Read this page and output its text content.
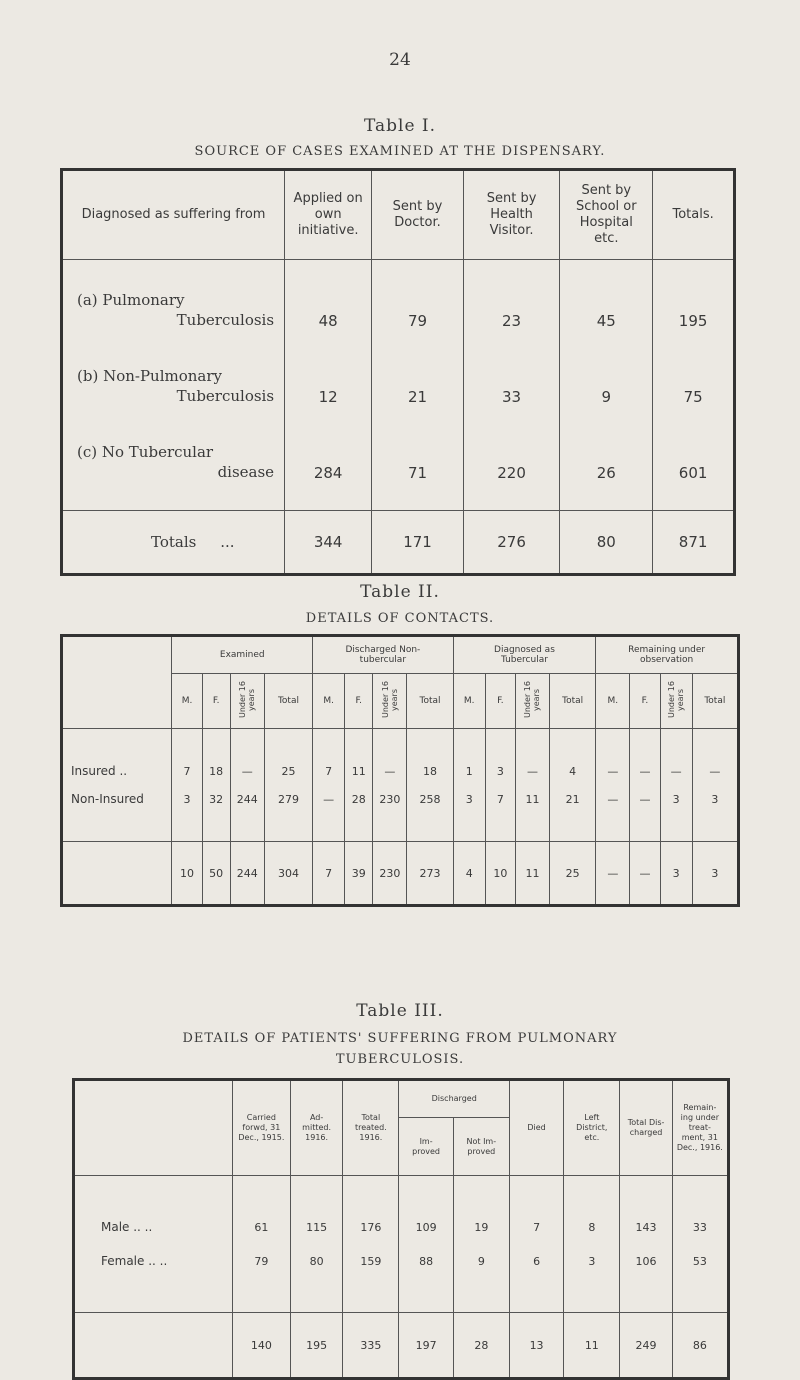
24
Table I.
SOURCE OF CASES EXAMINED AT THE DISPENSARY.
Diagnosed as suffering from	Applied on own initiative.	Sent by Doctor.	Sent by Health Visitor.	Sent by School or Hospital etc.	Totals.

(a) Pulmonary
Tuberculosis	48	79	23	45	195
(b) Non-Pulmonary
Tuberculosis	12	21	33	9	75
(c) No Tubercular
disease	284	71	220	26	601

Totals ...	344	171	276	80	871
Table II.
DETAILS OF CONTACTS.
	Examined				Discharged Non-tubercular				Diagnosed as Tubercular				Remaining under observation			
	M.	F.	Under 16 years	Total	M.	F.	Under 16 years	Total	M.	F.	Under 16 years	Total	M.	F.	Under 16 years	Total

Insured ..	7	18	—	25	7	11	—	18	1	3	—	4	—	—	—	—
Non-Insured	3	32	244	279	—	28	230	258	3	7	11	21	—	—	3	3

	10	50	244	304	7	39	230	273	4	10	11	25	—	—	3	3
Table III.
DETAILS OF PATIENTS' SUFFERING FROM PULMONARY
TUBERCULOSIS.
	Carried forwd, 31 Dec., 1915.	Ad- mitted. 1916.	Total treated. 1916.	Discharged		Died	Left District, etc.	Total Dis- charged	Remain- ing under treat- ment, 31 Dec., 1916.
				Im- proved	Not Im- proved				

Male .. ..	61	115	176	109	19	7	8	143	33
Female .. ..	79	80	159	88	9	6	3	106	53

	140	195	335	197	28	13	11	249	86
